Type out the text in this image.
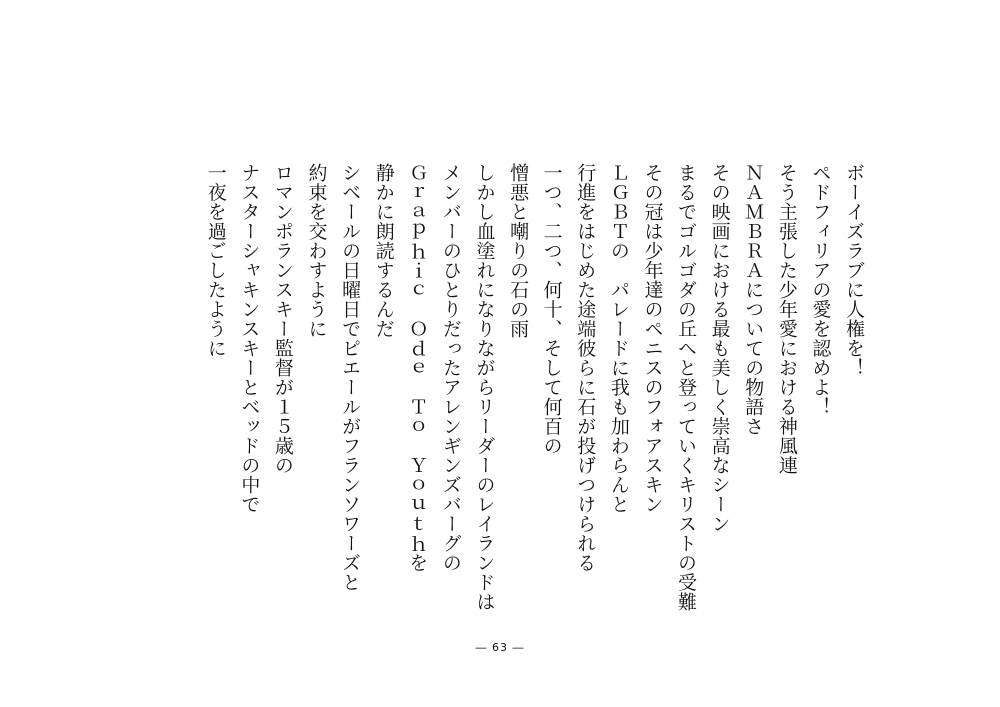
ボーイズラブに人権を！
ペドフィリアの愛を認めよ！
そう主張した少年愛における神風連
ＮＡＭＢＲＡについての物語さ
その映画における最も美しく崇高なシーン
まるでゴルゴダの丘へと登っていくキリストの受難
その冠は少年達のペニスのフォアスキン
ＬＧＢＴの　パレードに我も加わらんと
行進をはじめた途端彼らに石が投げつけられる
一つ、二つ、何十、そして何百の
憎悪と嘲りの石の雨
しかし血塗れになりながらリーダーのレイランドは
メンバーのひとりだったアレンギンズバーグの
Ｇｒａｐｈｉｃ　Ｏｄｅ　Ｔｏ　Ｙｏｕｔｈを
静かに朗読するんだ
シベールの日曜日でピエールがフランソワーズと
約束を交わすように
ロマンポランスキー監督が１５歳の
ナスターシャキンスキーとベッドの中で
一夜を過ごしたように
― 63 ―
